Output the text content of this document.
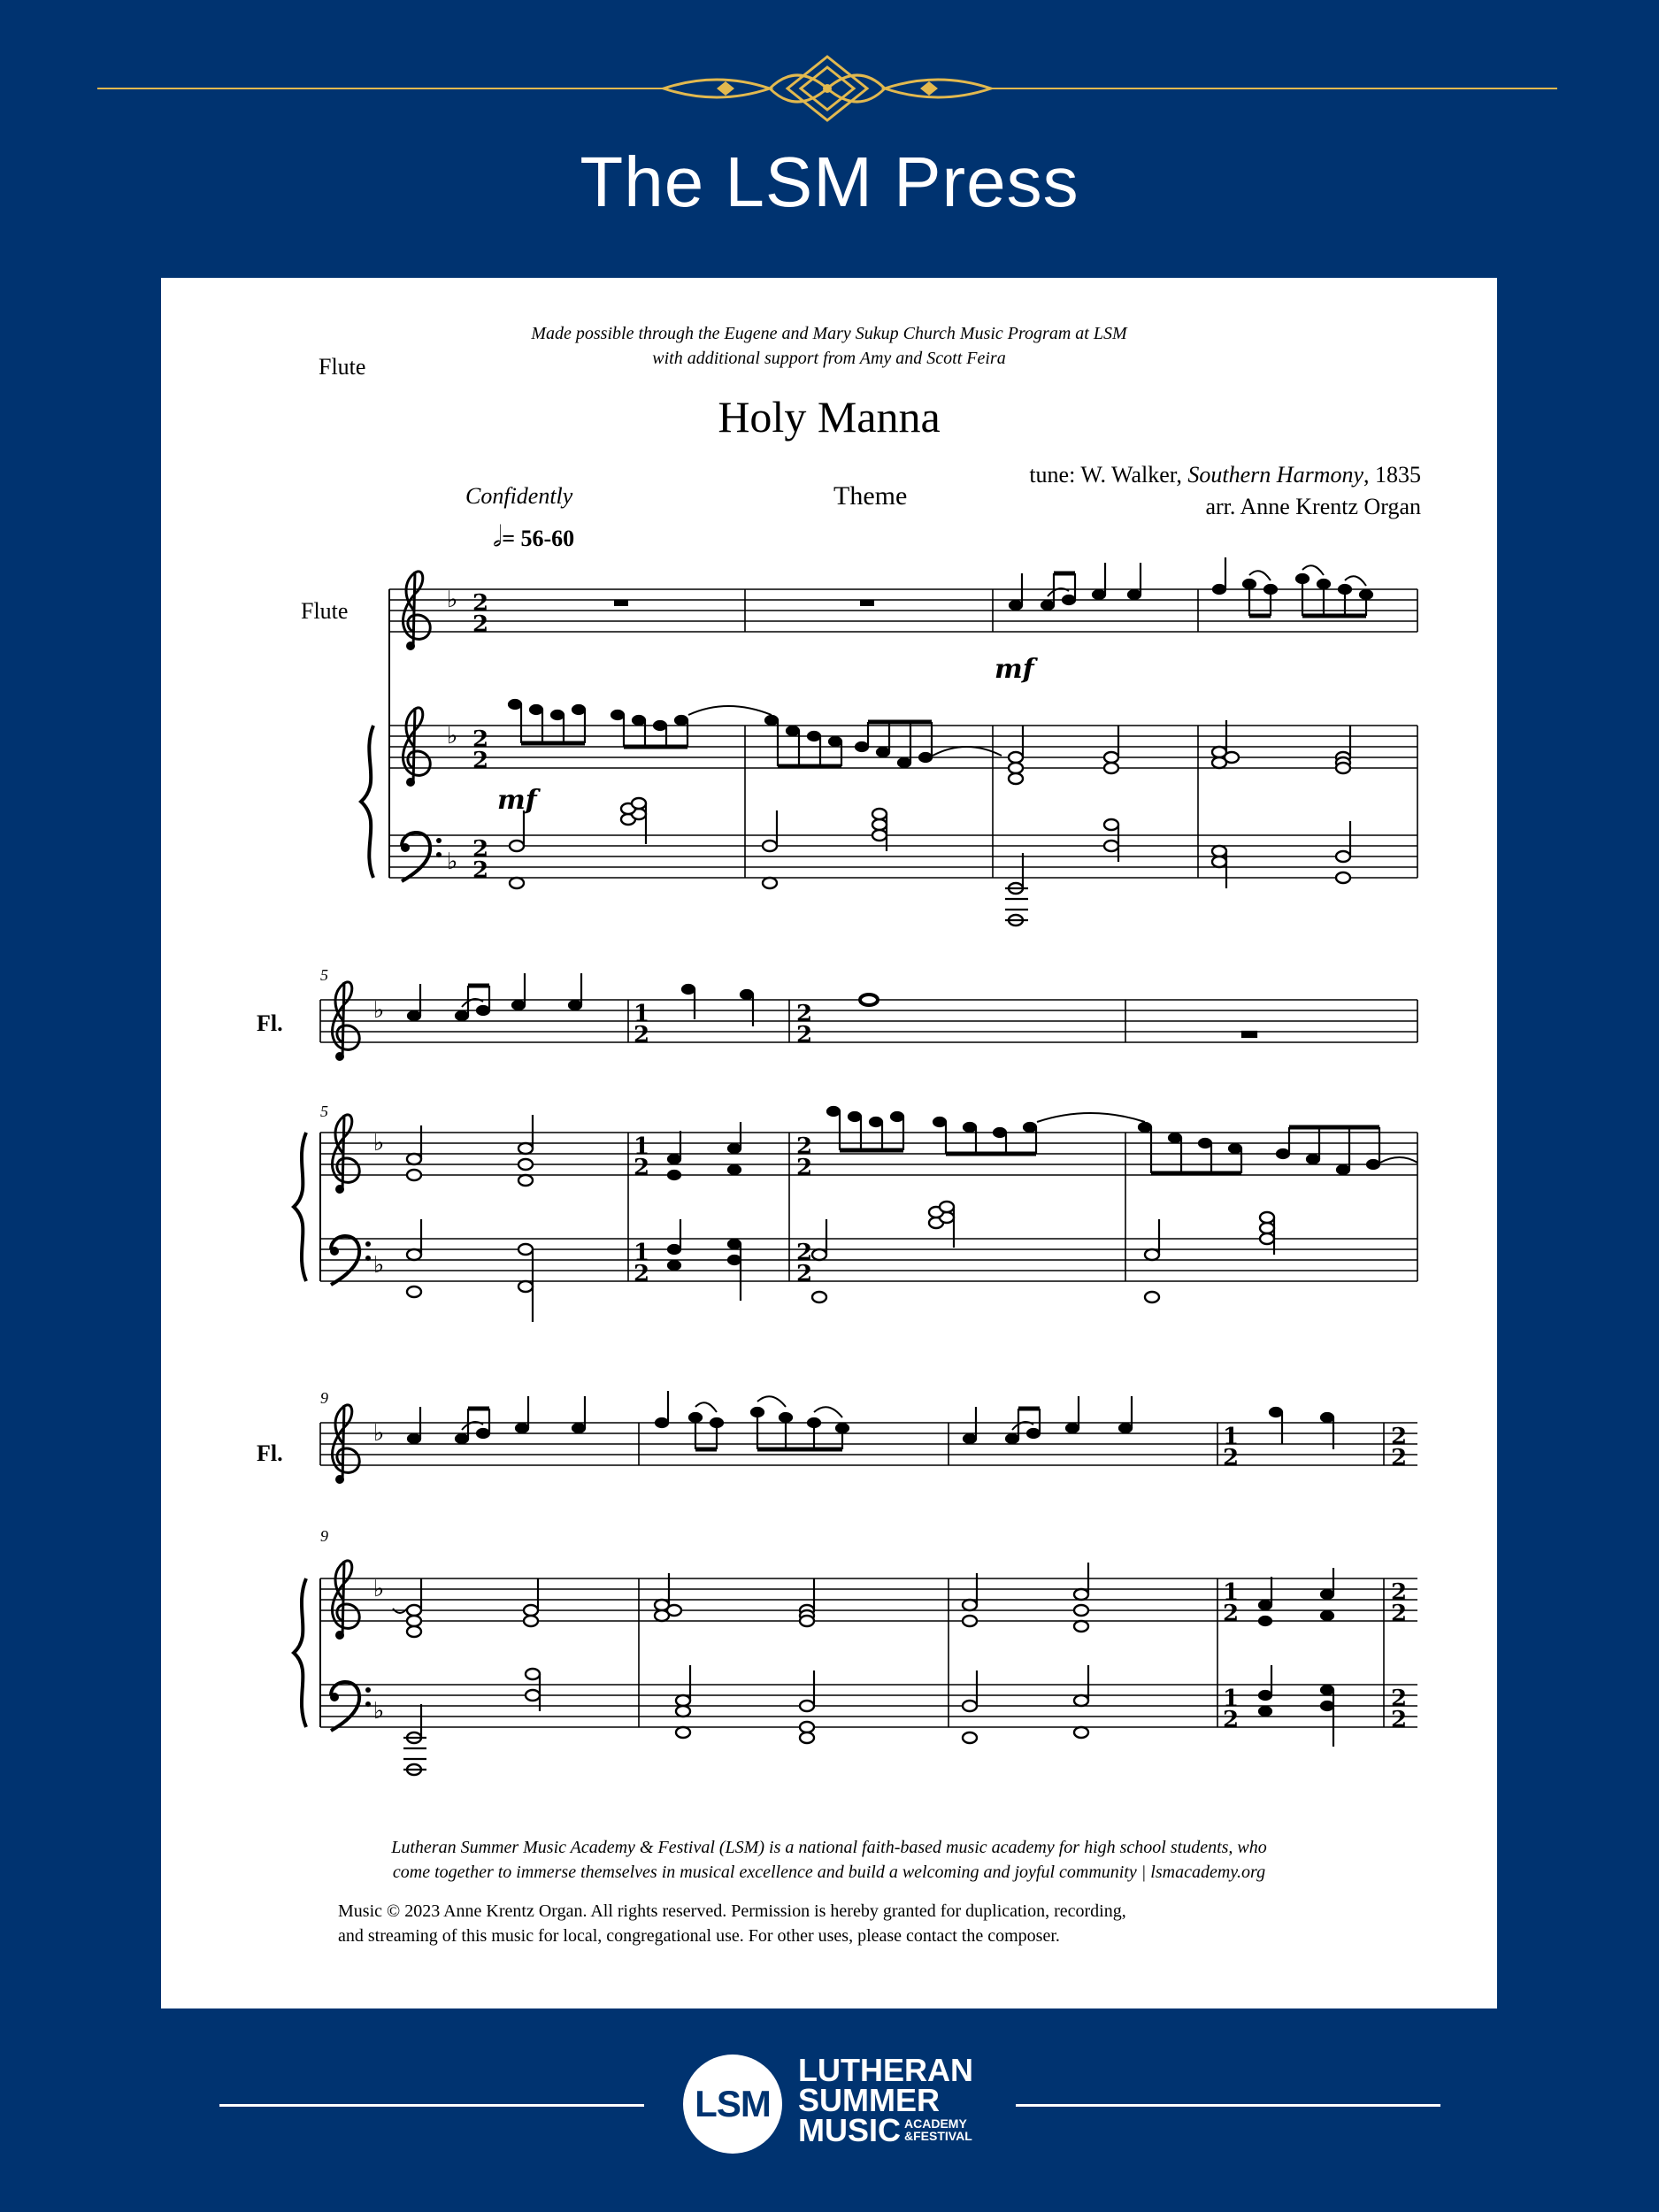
The LSM Press
Made possible through the Eugene and Mary Sukup Church Music Program at LSM
with additional support from Amy and Scott Feira
Flute
Holy Manna
Theme
tune: W. Walker, Southern Harmony, 1835
arr. Anne Krentz Organ
Confidently
𝅗𝅥= 56-60
♭
♭
♭
2
2
2
2
2
2
♭
♭
♭
1
2
2
2
1
2
2
2
1
2
2
2
♭
♭
♭
1
2
2
2
1
2
2
2
1
2
2
2
mf
mf
Flute
Fl.
Fl.
5
5
9
9
Lutheran Summer Music Academy & Festival (LSM) is a national faith-based music academy for high school students, who
come together to immerse themselves in musical excellence and build a welcoming and joyful community | lsmacademy.org
Music © 2023 Anne Krentz Organ. All rights reserved. Permission is hereby granted for duplication, recording,
and streaming of this music for local, congregational use. For other uses, please contact the composer.
LSM
LUTHERAN
SUMMER
MUSIC ACADEMY
&FESTIVAL
